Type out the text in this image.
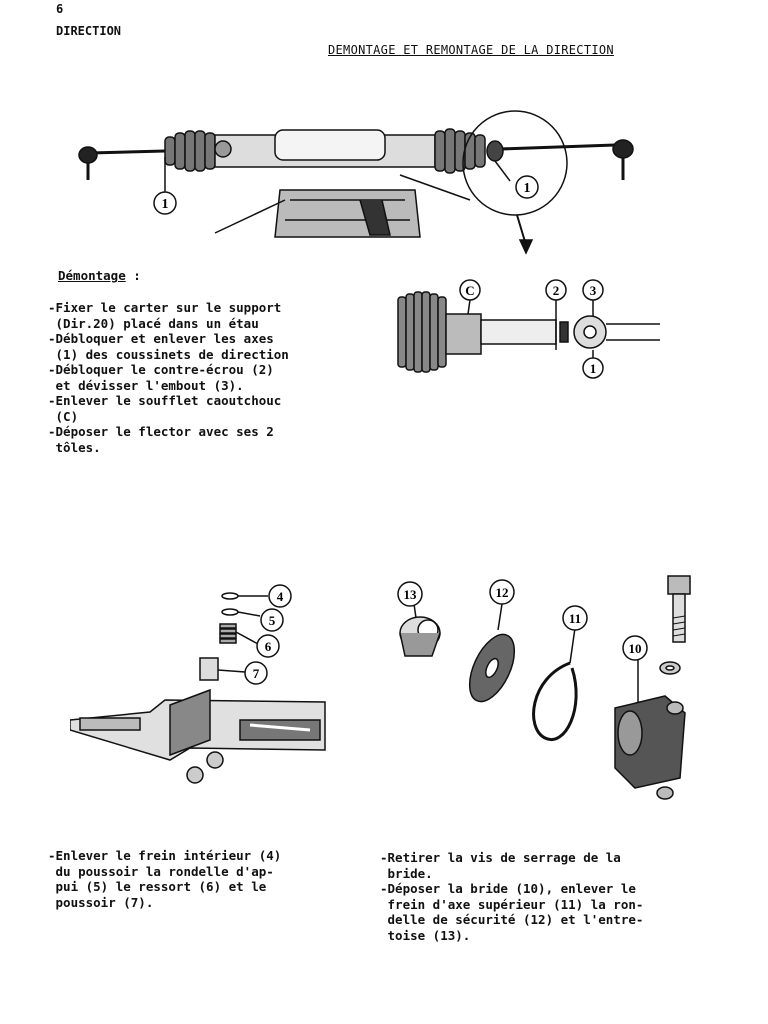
6
DIRECTION
DEMONTAGE ET REMONTAGE DE LA DIRECTION
1
1
Démontage :
-Fixer le carter sur le support
(Dir.20) placé dans un étau
-Débloquer et enlever les axes
(1) des coussinets de direction
-Débloquer le contre-écrou (2)
et dévisser l'embout (3).
-Enlever le soufflet caoutchouc
(C)
-Déposer le flector avec ses 2
tôles.
C	2 3
1
4
5
6
7
13	12
11
10
-Enlever le frein intérieur (4)
du poussoir la rondelle d'ap-
pui (5) le ressort (6) et le
poussoir (7).
-Retirer la vis de serrage de la
bride.
-Déposer la bride (10), enlever le
frein d'axe supérieur (11) la ron-
delle de sécurité (12) et l'entre-
toise (13).
